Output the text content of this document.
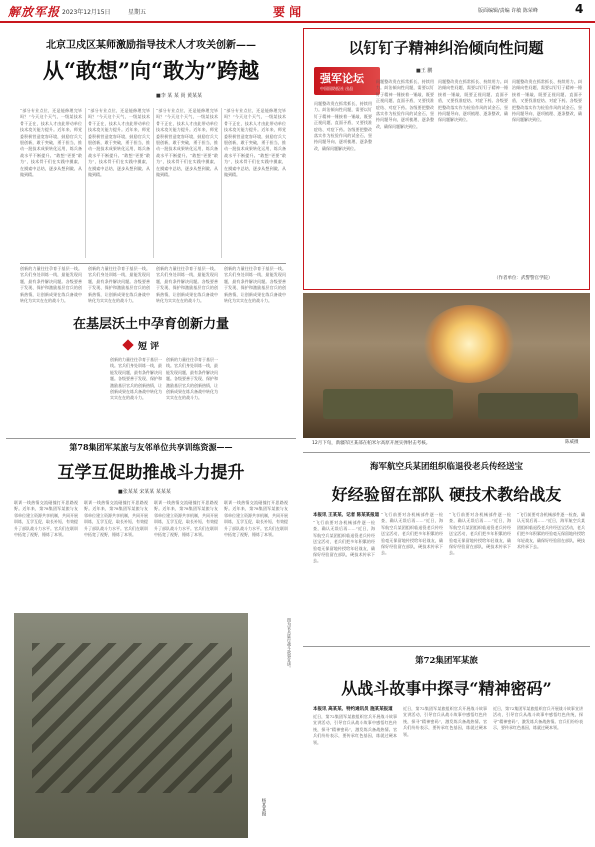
解放军报 2023年12月15日	星期五	要 闻	版面编辑/责编 许敏 陈荣峰	4
北京卫戍区某师激励指导技术人才攻关创新——
从“敢想”向“敢为”跨越
■李 某 某 尚 黄某某
“部分专业点位，还是能修理完毕吗？”今天这个天气，一级某技术骨干正在，技术人才由此带动单位技术攻关能力提升。近年来，师党委积极营造宽容环境，鼓励官兵大胆创新，敢于突破，勇于担当，推动一批技术成果转化运用，练兵备战水平不断提升。“敢想”更要“敢为”，技术骨干们在实践中摸索，在摸索中总结，逐步从想到做、从做到精。
“部分专业点位，还是能修理完毕吗？”今天这个天气，一级某技术骨干正在，技术人才由此带动单位技术攻关能力提升。近年来，师党委积极营造宽容环境，鼓励官兵大胆创新，敢于突破，勇于担当，推动一批技术成果转化运用，练兵备战水平不断提升。“敢想”更要“敢为”，技术骨干们在实践中摸索，在摸索中总结，逐步从想到做、从做到精。
“部分专业点位，还是能修理完毕吗？”今天这个天气，一级某技术骨干正在，技术人才由此带动单位技术攻关能力提升。近年来，师党委积极营造宽容环境，鼓励官兵大胆创新，敢于突破，勇于担当，推动一批技术成果转化运用，练兵备战水平不断提升。“敢想”更要“敢为”，技术骨干们在实践中摸索，在摸索中总结，逐步从想到做、从做到精。
“部分专业点位，还是能修理完毕吗？”今天这个天气，一级某技术骨干正在，技术人才由此带动单位技术攻关能力提升。近年来，师党委积极营造宽容环境，鼓励官兵大胆创新，敢于突破，勇于担当，推动一批技术成果转化运用，练兵备战水平不断提升。“敢想”更要“敢为”，技术骨干们在实践中摸索，在摸索中总结，逐步从想到做、从做到精。
在基层沃土中孕育创新力量
短 评
创新的力量往往孕育于基层一线。官兵们身处训练一线，最能发现问题，最有条件解决问题。各级要善于发现、保护和激励基层官兵的创新热情，让创新成果在练兵备战中转化为实实在在的战斗力。
创新的力量往往孕育于基层一线。官兵们身处训练一线，最能发现问题，最有条件解决问题。各级要善于发现、保护和激励基层官兵的创新热情，让创新成果在练兵备战中转化为实实在在的战斗力。
创新的力量往往孕育于基层一线。官兵们身处训练一线，最能发现问题，最有条件解决问题。各级要善于发现、保护和激励基层官兵的创新热情，让创新成果在练兵备战中转化为实实在在的战斗力。
创新的力量往往孕育于基层一线。官兵们身处训练一线，最能发现问题，最有条件解决问题。各级要善于发现、保护和激励基层官兵的创新热情，让创新成果在练兵备战中转化为实实在在的战斗力。
创新的力量往往孕育于基层一线。官兵们身处训练一线，最能发现问题，最有条件解决问题。各级要善于发现、保护和激励基层官兵的创新热情，让创新成果在练兵备战中转化为实实在在的战斗力。
创新的力量往往孕育于基层一线。官兵们身处训练一线，最能发现问题，最有条件解决问题。各级要善于发现、保护和激励基层官兵的创新热情，让创新成果在练兵备战中转化为实实在在的战斗力。
以钉钉子精神纠治倾向性问题
强军论坛
中国国防报社 出品
■王 鹏
问题整改贵在抓常抓长、持续用力。纠治倾向性问题，需要以钉钉子精神一锤接着一锤敲，既要正视问题、直面矛盾，又要找准症结、对症下药。各级要把整改落实作为检验作风的试金石，坚持问题导向，逐项梳理、逐条整改，确保问题解决到位。
问题整改贵在抓常抓长、持续用力。纠治倾向性问题，需要以钉钉子精神一锤接着一锤敲，既要正视问题、直面矛盾，又要找准症结、对症下药。各级要把整改落实作为检验作风的试金石，坚持问题导向，逐项梳理、逐条整改，确保问题解决到位。
问题整改贵在抓常抓长、持续用力。纠治倾向性问题，需要以钉钉子精神一锤接着一锤敲，既要正视问题、直面矛盾，又要找准症结、对症下药。各级要把整改落实作为检验作风的试金石，坚持问题导向，逐项梳理、逐条整改，确保问题解决到位。
问题整改贵在抓常抓长、持续用力。纠治倾向性问题，需要以钉钉子精神一锤接着一锤敲，既要正视问题、直面矛盾，又要找准症结、对症下药。各级要把整改落实作为检验作风的试金石，坚持问题导向，逐项梳理、逐条整改，确保问题解决到位。
（作者单位：武警警官学院）
陈威摄
12月下旬，新疆军区某部在帕米尔高原开展实弹射击考核。
第78集团军某旅与友邻单位共享训练资源——
互学互促助推战斗力提升
■张某某 宋某某 某某某
联训一线热情交流碰撞打开思路视野。近年来，第78集团军某旅与友邻单位建立资源共享机制，共同开展训练，互学互促，取长补短，有效提升了部队战斗力水平。官兵们在联训中拓宽了视野，锤炼了本领。
联训一线热情交流碰撞打开思路视野。近年来，第78集团军某旅与友邻单位建立资源共享机制，共同开展训练，互学互促，取长补短，有效提升了部队战斗力水平。官兵们在联训中拓宽了视野，锤炼了本领。
联训一线热情交流碰撞打开思路视野。近年来，第78集团军某旅与友邻单位建立资源共享机制，共同开展训练，互学互促，取长补短，有效提升了部队战斗力水平。官兵们在联训中拓宽了视野，锤炼了本领。
联训一线热情交流碰撞打开思路视野。近年来，第78集团军某旅与友邻单位建立资源共享机制，共同开展训练，互学互促，取长补短，有效提升了部队战斗力水平。官兵们在联训中拓宽了视野，锤炼了本领。
图为官兵进行战斗故事宣讲。
杨某某摄
海军航空兵某团组织临退役老兵传经送宝
好经验留在部队 硬技术教给战友
本报讯 王某某、记者 陈某某报道
“飞行前要对各机械部件逐一检查，确认无误后再……”近日，海军航空兵某团组织临退役老兵传经送宝活动，老兵们把多年积累的经验毫无保留地传授给年轻战友，确保好经验留在部队，硬技术传承下去。
“飞行前要对各机械部件逐一检查，确认无误后再……”近日，海军航空兵某团组织临退役老兵传经送宝活动，老兵们把多年积累的经验毫无保留地传授给年轻战友，确保好经验留在部队，硬技术传承下去。
“飞行前要对各机械部件逐一检查，确认无误后再……”近日，海军航空兵某团组织临退役老兵传经送宝活动，老兵们把多年积累的经验毫无保留地传授给年轻战友，确保好经验留在部队，硬技术传承下去。
“飞行前要对各机械部件逐一检查，确认无误后再……”近日，海军航空兵某团组织临退役老兵传经送宝活动，老兵们把多年积累的经验毫无保留地传授给年轻战友，确保好经验留在部队，硬技术传承下去。
第72集团军某旅
从战斗故事中探寻“精神密码”
本报讯 高某某、特约通讯员 施某某报道
近日，第72集团军某旅组织官兵开展战斗故事宣讲活动，引导官兵从战斗故事中感悟红色传统，探寻“精神密码”，激发练兵备战热情。官兵们纷纷表示，要传承红色基因，练就过硬本领。
近日，第72集团军某旅组织官兵开展战斗故事宣讲活动，引导官兵从战斗故事中感悟红色传统，探寻“精神密码”，激发练兵备战热情。官兵们纷纷表示，要传承红色基因，练就过硬本领。
近日，第72集团军某旅组织官兵开展战斗故事宣讲活动，引导官兵从战斗故事中感悟红色传统，探寻“精神密码”，激发练兵备战热情。官兵们纷纷表示，要传承红色基因，练就过硬本领。
